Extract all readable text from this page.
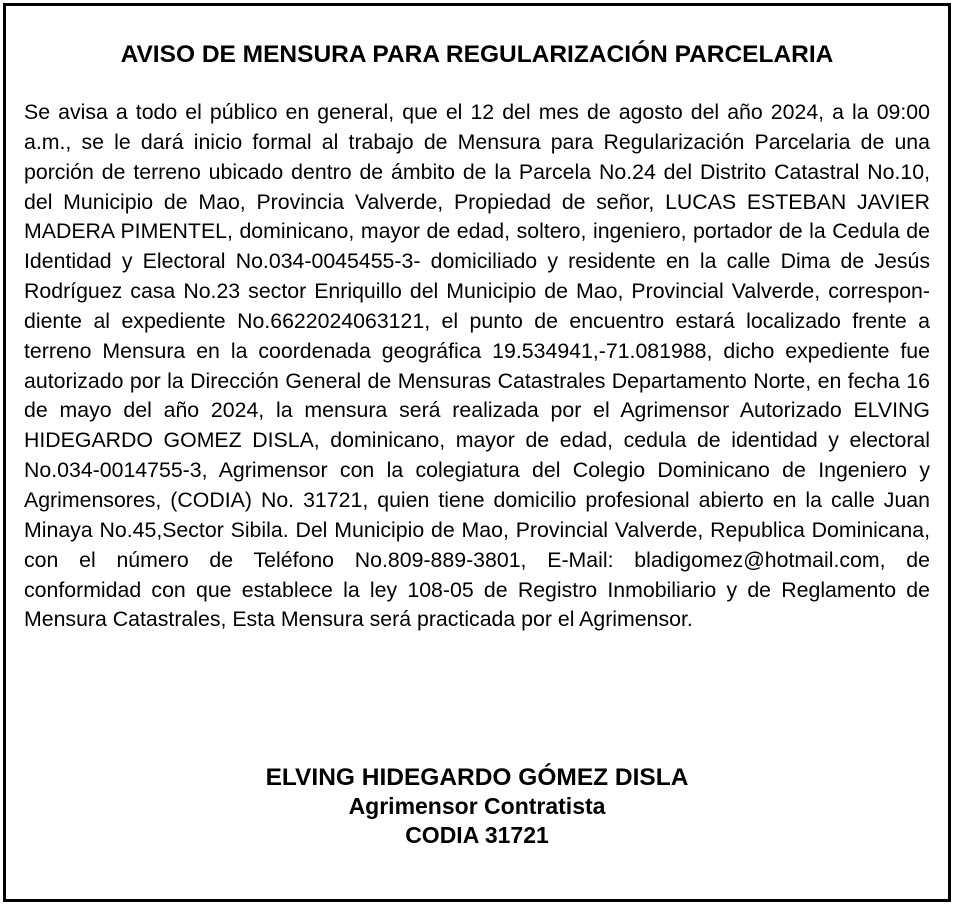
AVISO DE MENSURA PARA REGULARIZACIÓN PARCELARIA

Se avisa a todo el público en general, que el 12 del mes de agosto del año 2024, a la 09:00 a.m., se le dará inicio formal al trabajo de Mensura para Regularización Parcelaria de una porción de terreno ubicado dentro de ámbito de la Parcela No.24 del Distrito Catastral No.10, del Municipio de Mao, Provincia Valverde, Propiedad de señor, LUCAS ESTEBAN JAVIER MADERA PIMENTEL, dominicano, mayor de edad, soltero, ingeniero, portador de la Cedula de Identidad y Electoral No.034-0045455-3- domiciliado y residente en la calle Dima de Jesús Rodríguez casa No.23 sector Enriquillo del Municipio de Mao, Provincial Valverde, correspondiente al expediente No.6622024063121, el punto de encuentro estará localizado frente a terreno Mensura en la coordenada geográfica 19.534941,-71.081988, dicho expediente fue autorizado por la Dirección General de Mensuras Catastrales Departamento Norte, en fecha 16 de mayo del año 2024, la mensura será realizada por el Agrimensor Autorizado ELVING HIDEGARDO GOMEZ DISLA, dominicano, mayor de edad, cedula de identidad y electoral No.034-0014755-3, Agrimensor con la colegiatura del Colegio Dominicano de Ingeniero y Agrimensores, (CODIA) No. 31721, quien tiene domicilio profesional abierto en la calle Juan Minaya No.45,Sector Sibila. Del Municipio de Mao, Provincial Valverde, Republica Dominicana, con el número de Teléfono No.809-889-3801, E-Mail: bladigomez@hotmail.com, de conformidad con que establece la ley 108-05 de Registro Inmobiliario y de Reglamento de Mensura Catastrales, Esta Mensura será practicada por el Agrimensor.

ELVING HIDEGARDO GÓMEZ DISLA
Agrimensor Contratista
CODIA 31721
